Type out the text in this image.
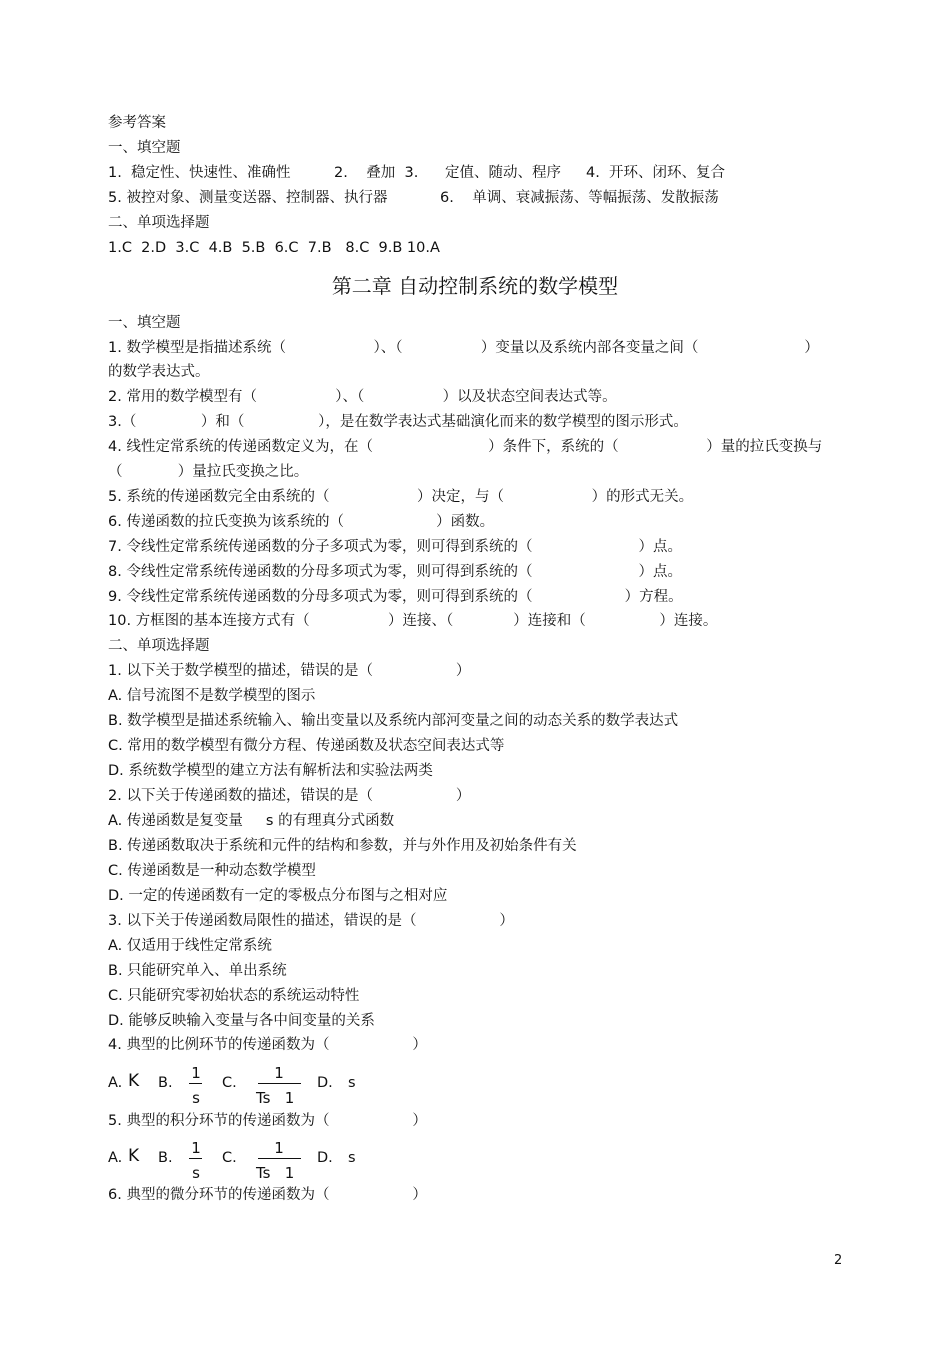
参考答案
一、填空题
1.  稳定性、快速性、准确性	2.    叠加  3. 定值、随动、程序 4.  开环、闭环、复合
5. 被控对象、测量变送器、控制器、执行器	6.    单调、衰减振荡、等幅振荡、发散振荡
二、单项选择题
1.C  2.D  3.C  4.B  5.B  6.C  7.B   8.C  9.B 10.A
第二章 自动控制系统的数学模型
一、填空题
1. 数学模型是指描述系统（                   ）、（                 ）变量以及系统内部各变量之间（                       ）
的数学表达式。
2. 常用的数学模型有（                 ）、（                 ）以及状态空间表达式等。
3.（              ）和（                ），是在数学表达式基础演化而来的数学模型的图示形式。
4. 线性定常系统的传递函数定义为，在（                         ）条件下，系统的（                   ）量的拉氏变换与
（            ）量拉氏变换之比。
5. 系统的传递函数完全由系统的（                   ）决定，与（                   ）的形式无关。
6. 传递函数的拉氏变换为该系统的（                    ）函数。
7. 令线性定常系统传递函数的分子多项式为零，则可得到系统的（                       ）点。
8. 令线性定常系统传递函数的分母多项式为零，则可得到系统的（                       ）点。
9. 令线性定常系统传递函数的分母多项式为零，则可得到系统的（                    ）方程。
10. 方框图的基本连接方式有（                 ）连接、（             ）连接和（                ）连接。
二、单项选择题
1. 以下关于数学模型的描述，错误的是（                  ）
A. 信号流图不是数学模型的图示
B. 数学模型是描述系统输入、输出变量以及系统内部河变量之间的动态关系的数学表达式
C. 常用的数学模型有微分方程、传递函数及状态空间表达式等
D. 系统数学模型的建立方法有解析法和实验法两类
2. 以下关于传递函数的描述，错误的是（                  ）
A. 传递函数是复变量     s 的有理真分式函数
B. 传递函数取决于系统和元件的结构和参数，并与外作用及初始条件有关
C. 传递函数是一种动态数学模型
D. 一定的传递函数有一定的零极点分布图与之相对应
3. 以下关于传递函数局限性的描述，错误的是（                  ）
A. 仅适用于线性定常系统
B. 只能研究单入、单出系统
C. 只能研究零初始状态的系统运动特性
D. 能够反映输入变量与各中间变量的关系
4. 典型的比例环节的传递函数为（                  ）
A. K B.
1
s
C.
1
Ts   1
D. s
5. 典型的积分环节的传递函数为（                  ）
A. K B.
1
s
C.
1
Ts   1
D. s
6. 典型的微分环节的传递函数为（                  ）
2
